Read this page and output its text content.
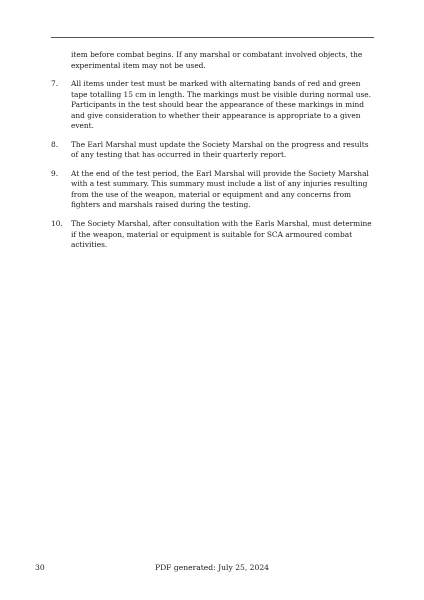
item before combat begins. If any marshal or combatant involved objects, the experimental item may not be used.

7.	All items under test must be marked with alternating bands of red and green tape totalling 15 cm in length. The markings must be visible during normal use. Participants in the test should bear the appearance of these markings in mind and give consideration to whether their appearance is appropriate to a given event.
8.	The Earl Marshal must update the Society Marshal on the progress and results of any testing that has occurred in their quarterly report.
9.	At the end of the test period, the Earl Marshal will provide the Society Marshal with a test summary. This summary must include a list of any injuries resulting from the use of the weapon, material or equipment and any concerns from fighters and marshals raised during the testing.
10.	The Society Marshal, after consultation with the Earls Marshal, must determine if the weapon, material or equipment is suitable for SCA armoured combat activities.
30	PDF generated: July 25, 2024
